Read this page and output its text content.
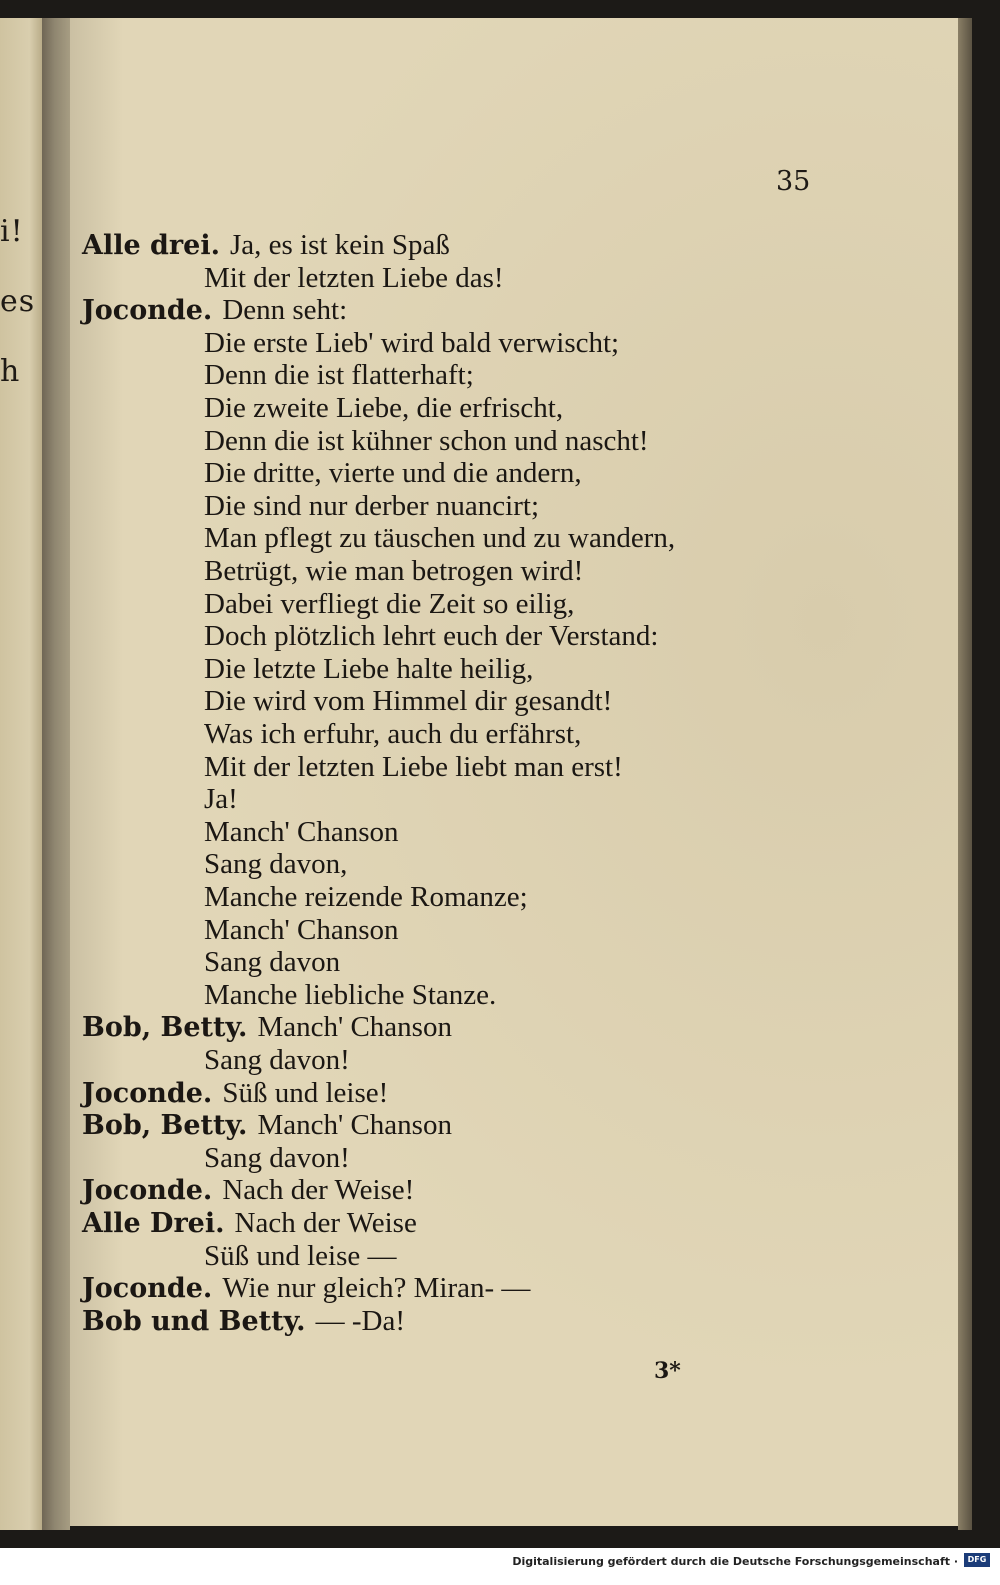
i!
es
h
35
Alle drei. Ja, es ist kein Spaß
Mit der letzten Liebe das!
Joconde. Denn seht:
Die erste Lieb' wird bald verwischt;
Denn die ist flatterhaft;
Die zweite Liebe, die erfrischt,
Denn die ist kühner schon und nascht!
Die dritte, vierte und die andern,
Die sind nur derber nuancirt;
Man pflegt zu täuschen und zu wandern,
Betrügt, wie man betrogen wird!
Dabei verfliegt die Zeit so eilig,
Doch plötzlich lehrt euch der Verstand:
Die letzte Liebe halte heilig,
Die wird vom Himmel dir gesandt!
Was ich erfuhr, auch du erfährst,
Mit der letzten Liebe liebt man erst!
Ja!
Manch' Chanson
Sang davon,
Manche reizende Romanze;
Manch' Chanson
Sang davon
Manche liebliche Stanze.
Bob, Betty. Manch' Chanson
Sang davon!
Joconde. Süß und leise!
Bob, Betty. Manch' Chanson
Sang davon!
Joconde. Nach der Weise!
Alle Drei. Nach der Weise
Süß und leise —
Joconde. Wie nur gleich? Miran- —
Bob und Betty. — -Da!
3*
Digitalisierung gefördert durch die Deutsche Forschungsgemeinschaft ·	DFG
